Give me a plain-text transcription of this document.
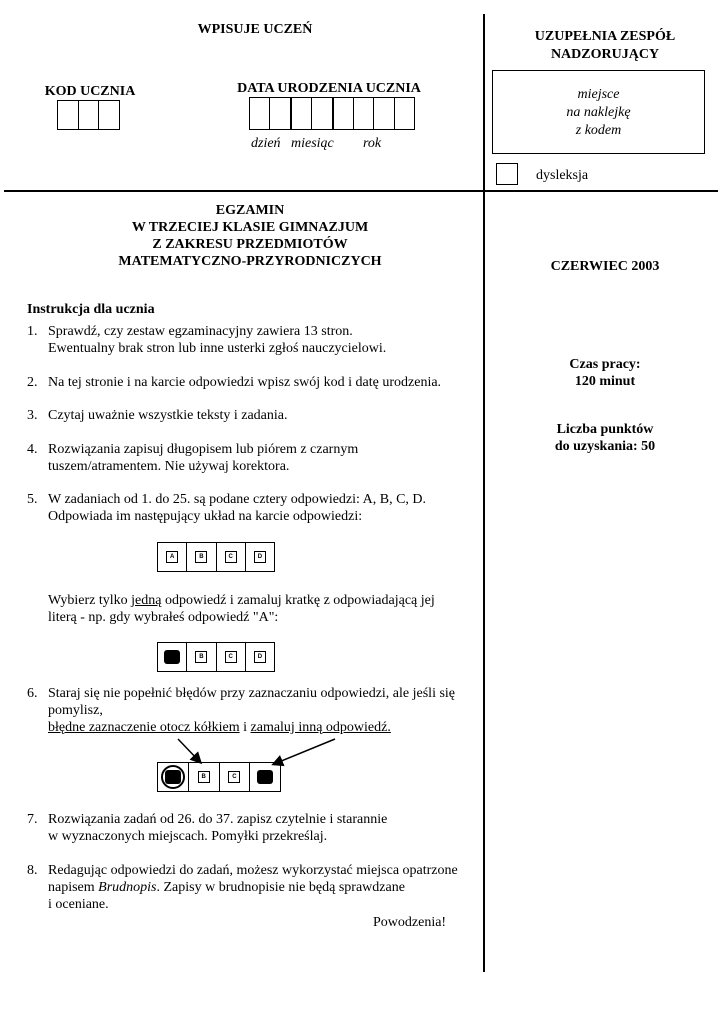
WPISUJE UCZEŃ
KOD UCZNIA	DATA URODZENIA UCZNIA
dzień miesiąc rok
UZUPEŁNIA ZESPÓŁ
NADZORUJĄCY
miejsce
na naklejkę
z kodem
dysleksja
EGZAMIN
W TRZECIEJ KLASIE GIMNAZJUM
Z ZAKRESU PRZEDMIOTÓW
MATEMATYCZNO-PRZYRODNICZYCH	CZERWIEC 2003
Czas pracy:
120 minut
Liczba punktów
do uzyskania: 50
Instrukcja dla ucznia
1. Sprawdź, czy zestaw egzaminacyjny zawiera 13 stron.
Ewentualny brak stron lub inne usterki zgłoś nauczycielowi.
2. Na tej stronie i na karcie odpowiedzi wpisz swój kod i datę urodzenia.
3. Czytaj uważnie wszystkie teksty i zadania.
4. Rozwiązania zapisuj długopisem lub piórem z czarnym
tuszem/atramentem. Nie używaj korektora.
5. W zadaniach od 1. do 25. są podane cztery odpowiedzi: A, B, C, D.
Odpowiada im następujący układ na karcie odpowiedzi:
A	B	C	D
Wybierz tylko jedną odpowiedź i zamaluj kratkę z odpowiadającą jej
literą - np. gdy wybrałeś odpowiedź "A":
B	C	D
6. Staraj się nie popełnić błędów przy zaznaczaniu odpowiedzi, ale jeśli się
pomylisz,
błędne zaznaczenie otocz kółkiem i zamaluj inną odpowiedź.
B	C
7. Rozwiązania zadań od 26. do 37. zapisz czytelnie i starannie
w wyznaczonych miejscach. Pomyłki przekreślaj.
8. Redagując odpowiedzi do zadań, możesz wykorzystać miejsca opatrzone
napisem Brudnopis. Zapisy w brudnopisie nie będą sprawdzane
i oceniane.
Powodzenia!
